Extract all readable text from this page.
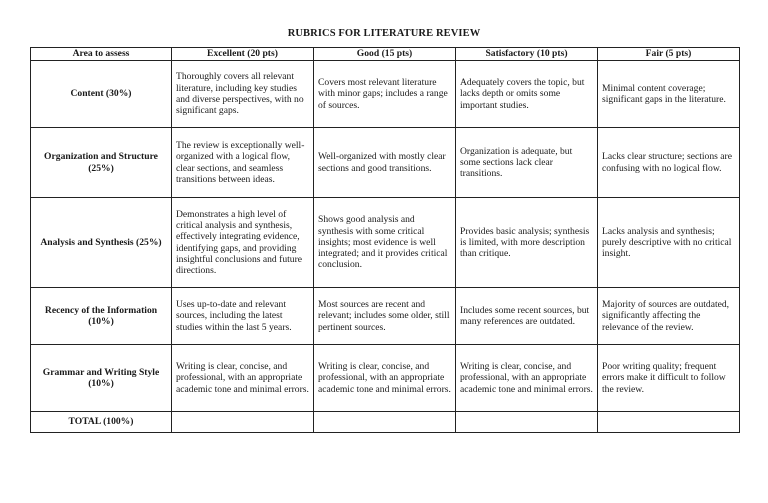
RUBRICS FOR LITERATURE REVIEW
Area to assess	Excellent (20 pts)	Good (15 pts)	Satisfactory (10 pts)	Fair (5 pts)
Content (30%)	Thoroughly covers all relevant literature, including key studies and diverse perspectives, with no significant gaps.	Covers most relevant literature with minor gaps; includes a range of sources.	Adequately covers the topic, but lacks depth or omits some important studies.	Minimal content coverage; significant gaps in the literature.
Organization and Structure (25%)	The review is exceptionally well-organized with a logical flow, clear sections, and seamless transitions between ideas.	Well-organized with mostly clear sections and good transitions.	Organization is adequate, but some sections lack clear transitions.	Lacks clear structure; sections are confusing with no logical flow.
Analysis and Synthesis (25%)	Demonstrates a high level of critical analysis and synthesis, effectively integrating evidence, identifying gaps, and providing insightful conclusions and future directions.	Shows good analysis and synthesis with some critical insights; most evidence is well integrated; and it provides critical conclusion.	Provides basic analysis; synthesis is limited, with more description than critique.	Lacks analysis and synthesis; purely descriptive with no critical insight.
Recency of the Information (10%)	Uses up-to-date and relevant sources, including the latest studies within the last 5 years.	Most sources are recent and relevant; includes some older, still pertinent sources.	Includes some recent sources, but many references are outdated.	Majority of sources are outdated, significantly affecting the relevance of the review.
Grammar and Writing Style (10%)	Writing is clear, concise, and professional, with an appropriate academic tone and minimal errors.	Writing is clear, concise, and professional, with an appropriate academic tone and minimal errors.	Writing is clear, concise, and professional, with an appropriate academic tone and minimal errors.	Poor writing quality; frequent errors make it difficult to follow the review.
TOTAL (100%)				
